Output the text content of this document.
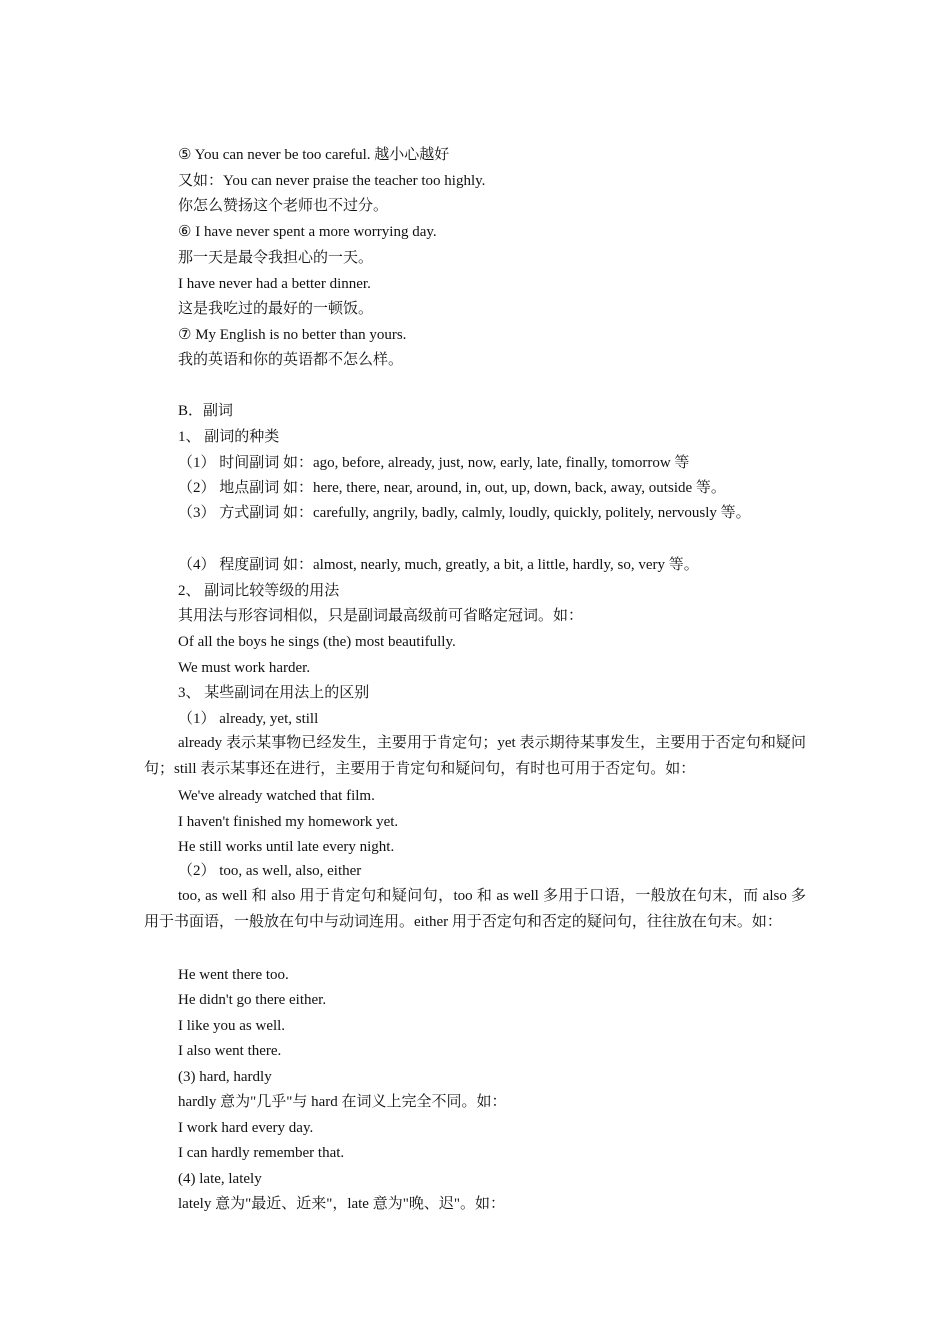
⑤ You can never be too careful. 越小心越好
又如：You can never praise the teacher too highly.
你怎么赞扬这个老师也不过分。
⑥ I have never spent a more worrying day.
那一天是最令我担心的一天。
I have never had a better dinner.
这是我吃过的最好的一顿饭。
⑦ My English is no better than yours.
我的英语和你的英语都不怎么样。
B．副词
1、 副词的种类
（1） 时间副词 如：ago, before, already, just, now, early, late, finally, tomorrow 等
（2） 地点副词 如：here, there, near, around, in, out, up, down, back, away, outside 等。
（3） 方式副词 如：carefully, angrily, badly, calmly, loudly, quickly, politely, nervously 等。
（4） 程度副词 如：almost, nearly, much, greatly, a bit, a little, hardly, so, very 等。
2、 副词比较等级的用法
其用法与形容词相似，只是副词最高级前可省略定冠词。如：
Of all the boys he sings (the) most beautifully.
We must work harder.
3、 某些副词在用法上的区别
（1） already, yet, still
already 表示某事物已经发生，主要用于肯定句；yet 表示期待某事发生，主要用于否定句和疑问句；still 表示某事还在进行，主要用于肯定句和疑问句，有时也可用于否定句。如：
We've already watched that film.
I haven't finished my homework yet.
He still works until late every night.
（2） too, as well, also, either
too, as well 和 also 用于肯定句和疑问句，too 和 as well 多用于口语，一般放在句末，而 also 多用于书面语，一般放在句中与动词连用。either 用于否定句和否定的疑问句，往往放在句末。如：
He went there too.
He didn't go there either.
I like you as well.
I also went there.
(3) hard, hardly
hardly 意为"几乎"与 hard 在词义上完全不同。如：
I work hard every day.
I can hardly remember that.
(4) late, lately
lately 意为"最近、近来"，late 意为"晚、迟"。如：
